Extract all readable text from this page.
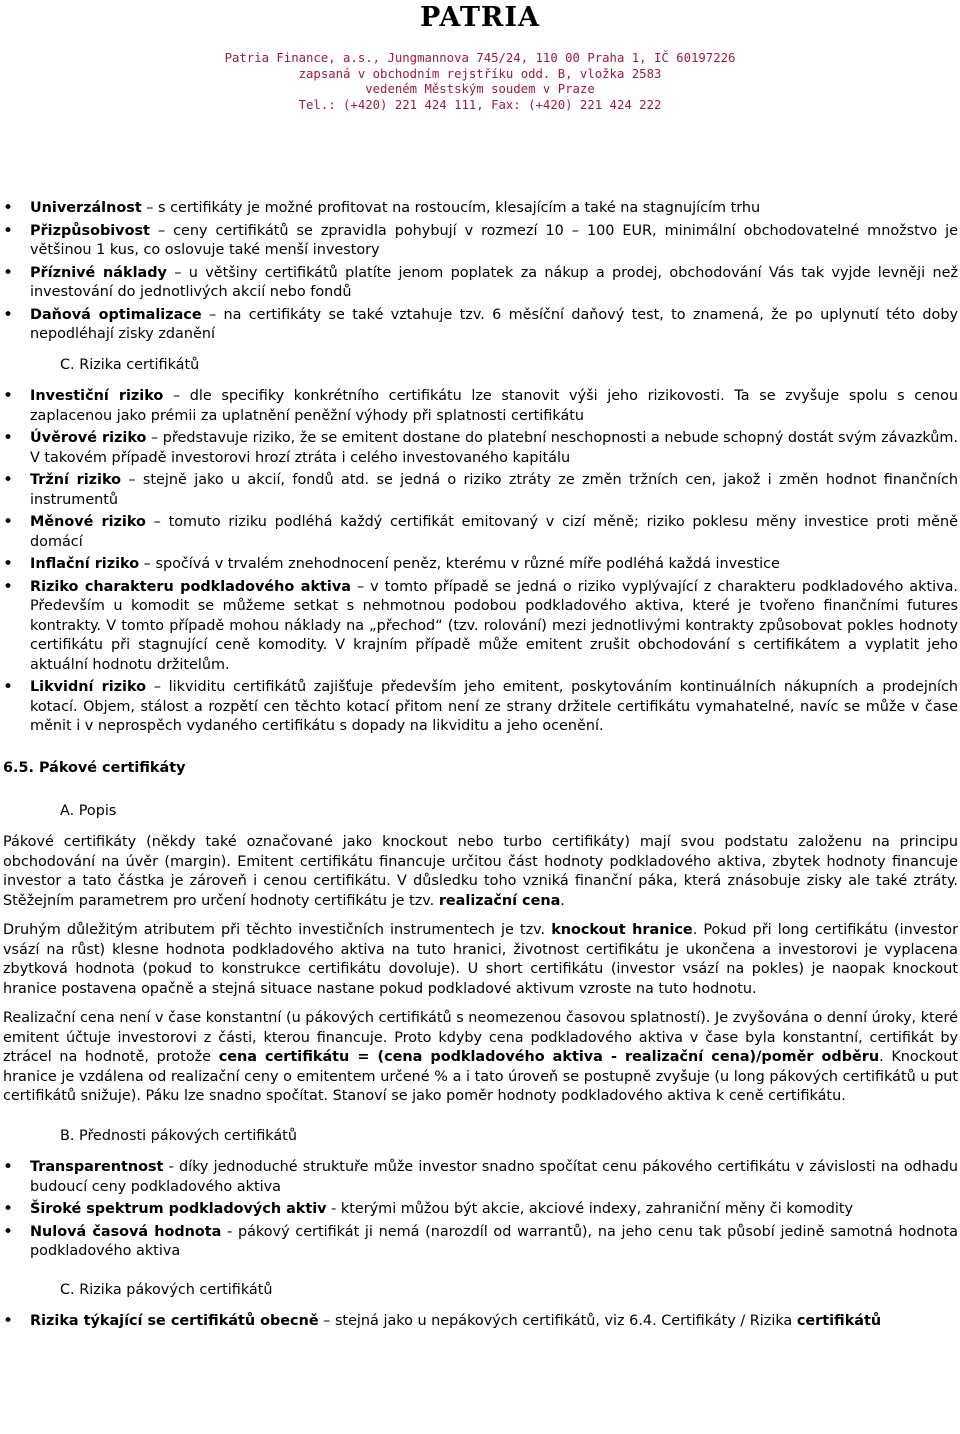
PATRIA
Patria Finance, a.s., Jungmannova 745/24, 110 00 Praha 1, IČ 60197226
zapsaná v obchodním rejstříku odd. B, vložka 2583
vedeném Městským soudem v Praze
Tel.: (+420) 221 424 111, Fax: (+420) 221 424 222
• Univerzálnost – s certifikáty je možné profitovat na rostoucím, klesajícím a také na stagnujícím trhu
• Přizpůsobivost – ceny certifikátů se zpravidla pohybují v rozmezí 10 – 100 EUR, minimální obchodovatelné množstvo je většinou 1 kus, co oslovuje také menší investory
• Příznivé náklady – u většiny certifikátů platíte jenom poplatek za nákup a prodej, obchodování Vás tak vyjde levněji než investování do jednotlivých akcií nebo fondů
• Daňová optimalizace – na certifikáty se také vztahuje tzv. 6 měsíční daňový test, to znamená, že po uplynutí této doby nepodléhají zisky zdanění
C. Rizika certifikátů
• Investiční riziko – dle specifiky konkrétního certifikátu lze stanovit výši jeho rizikovosti. Ta se zvyšuje spolu s cenou zaplacenou jako prémii za uplatnění peněžní výhody při splatnosti certifikátu
• Úvěrové riziko – představuje riziko, že se emitent dostane do platební neschopnosti a nebude schopný dostát svým závazkům. V takovém případě investorovi hrozí ztráta i celého investovaného kapitálu
• Tržní riziko – stejně jako u akcií, fondů atd. se jedná o riziko ztráty ze změn tržních cen, jakož i změn hodnot finančních instrumentů
• Měnové riziko – tomuto riziku podléhá každý certifikát emitovaný v cizí měně; riziko poklesu měny investice proti měně domácí
• Inflační riziko – spočívá v trvalém znehodnocení peněz, kterému v různé míře podléhá každá investice
• Riziko charakteru podkladového aktiva – v tomto případě se jedná o riziko vyplývající z charakteru podkladového aktiva. Především u komodit se můžeme setkat s nehmotnou podobou podkladového aktiva, které je tvořeno finančními futures kontrakty. V tomto případě mohou náklady na „přechod“ (tzv. rolování) mezi jednotlivými kontrakty způsobovat pokles hodnoty certifikátu při stagnující ceně komodity. V krajním případě může emitent zrušit obchodování s certifikátem a vyplatit jeho aktuální hodnotu držitelům.
• Likvidní riziko – likviditu certifikátů zajišťuje především jeho emitent, poskytováním kontinuálních nákupních a prodejních kotací. Objem, stálost a rozpětí cen těchto kotací přitom není ze strany držitele certifikátu vymahatelné, navíc se může v čase měnit i v neprospěch vydaného certifikátu s dopady na likviditu a jeho ocenění.
6.5. Pákové certifikáty
A. Popis

Pákové certifikáty (někdy také označované jako knockout nebo turbo certifikáty) mají svou podstatu založenu na principu obchodování na úvěr (margin). Emitent certifikátu financuje určitou část hodnoty podkladového aktiva, zbytek hodnoty financuje investor a tato částka je zároveň i cenou certifikátu. V důsledku toho vzniká finanční páka, která znásobuje zisky ale také ztráty. Stěžejním parametrem pro určení hodnoty certifikátu je tzv. realizační cena.

Druhým důležitým atributem při těchto investičních instrumentech je tzv. knockout hranice. Pokud při long certifikátu (investor vsází na růst) klesne hodnota podkladového aktiva na tuto hranici, životnost certifikátu je ukončena a investorovi je vyplacena zbytková hodnota (pokud to konstrukce certifikátu dovoluje). U short certifikátu (investor vsází na pokles) je naopak knockout hranice postavena opačně a stejná situace nastane pokud podkladové aktivum vzroste na tuto hodnotu.

Realizační cena není v čase konstantní (u pákových certifikátů s neomezenou časovou splatností). Je zvyšována o denní úroky, které emitent účtuje investorovi z části, kterou financuje. Proto kdyby cena podkladového aktiva v čase byla konstantní, certifikát by ztrácel na hodnotě, protože cena certifikátu = (cena podkladového aktiva - realizační cena)/poměr odběru. Knockout hranice je vzdálena od realizační ceny o emitentem určené % a i tato úroveň se postupně zvyšuje (u long pákových certifikátů u put certifikátů snižuje). Páku lze snadno spočítat. Stanoví se jako poměr hodnoty podkladového aktiva k ceně certifikátu.

B. Přednosti pákových certifikátů
• Transparentnost - díky jednoduché struktuře může investor snadno spočítat cenu pákového certifikátu v závislosti na odhadu budoucí ceny podkladového aktiva
• Široké spektrum podkladových aktiv - kterými můžou být akcie, akciové indexy, zahraniční měny či komodity
• Nulová časová hodnota - pákový certifikát ji nemá (narozdíl od warrantů), na jeho cenu tak působí jedině samotná hodnota podkladového aktiva
C. Rizika pákových certifikátů
• Rizika týkající se certifikátů obecně – stejná jako u nepákových certifikátů, viz 6.4. Certifikáty / Rizika certifikátů
